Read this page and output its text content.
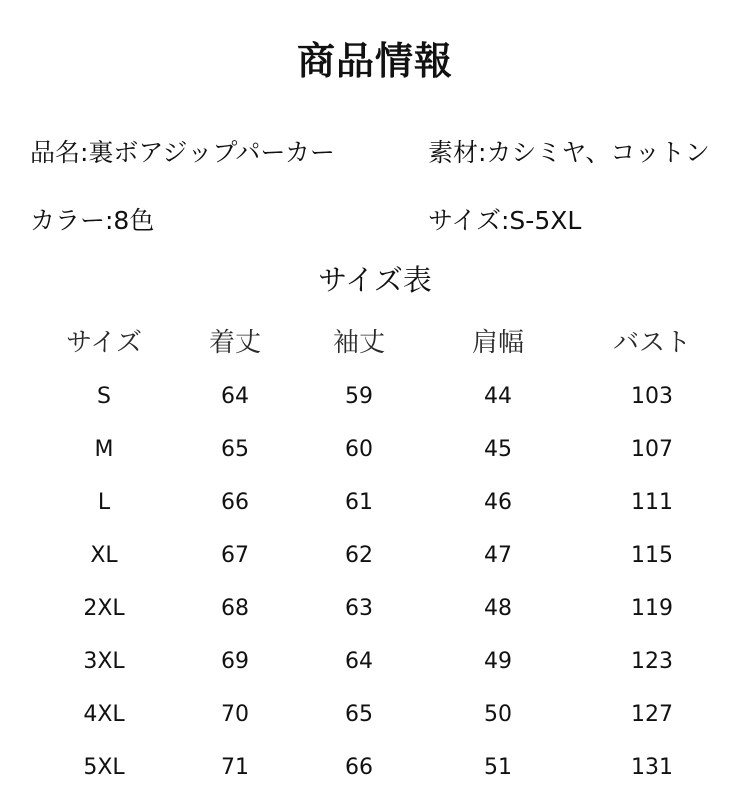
商品情報
品名:裏ボアジップパーカー	素材:カシミヤ、コットン
カラー:8色	サイズ:S-5XL
サイズ表
サイズ	着丈	袖丈	肩幅	バスト
S	64	59	44	103
M	65	60	45	107
L	66	61	46	111
XL	67	62	47	115
2XL	68	63	48	119
3XL	69	64	49	123
4XL	70	65	50	127
5XL	71	66	51	131
